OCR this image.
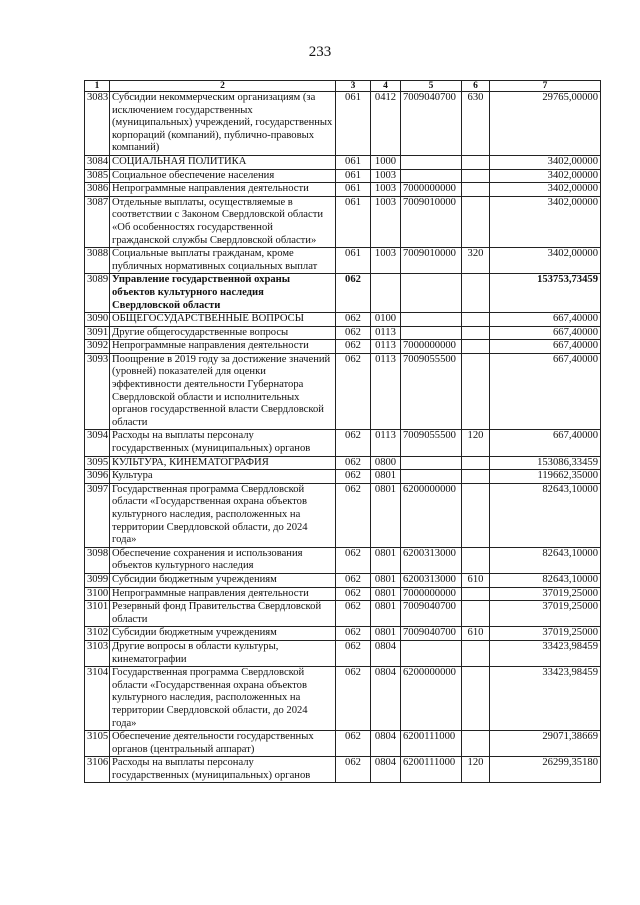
233
1	2	3	4	5	6	7
3083	Субсидии некоммерческим организациям (за исключением государственных (муниципальных) учреждений, государственных корпораций (компаний), публично-правовых компаний)	061	0412	7009040700	630	29765,00000
3084	СОЦИАЛЬНАЯ ПОЛИТИКА	061	1000			3402,00000
3085	Социальное обеспечение населения	061	1003			3402,00000
3086	Непрограммные направления деятельности	061	1003	7000000000		3402,00000
3087	Отдельные выплаты, осуществляемые в соответствии с Законом Свердловской области «Об особенностях государственной гражданской службы Свердловской области»	061	1003	7009010000		3402,00000
3088	Социальные выплаты гражданам, кроме публичных нормативных социальных выплат	061	1003	7009010000	320	3402,00000
3089	Управление государственной охраны объектов культурного наследия Свердловской области	062				153753,73459
3090	ОБЩЕГОСУДАРСТВЕННЫЕ ВОПРОСЫ	062	0100			667,40000
3091	Другие общегосударственные вопросы	062	0113			667,40000
3092	Непрограммные направления деятельности	062	0113	7000000000		667,40000
3093	Поощрение в 2019 году за достижение значений (уровней) показателей для оценки эффективности деятельности Губернатора Свердловской области и исполнительных органов государственной власти Свердловской области	062	0113	7009055500		667,40000
3094	Расходы на выплаты персоналу государственных (муниципальных) органов	062	0113	7009055500	120	667,40000
3095	КУЛЬТУРА, КИНЕМАТОГРАФИЯ	062	0800			153086,33459
3096	Культура	062	0801			119662,35000
3097	Государственная программа Свердловской области «Государственная охрана объектов культурного наследия, расположенных на территории Свердловской области, до 2024 года»	062	0801	6200000000		82643,10000
3098	Обеспечение сохранения и использования объектов культурного наследия	062	0801	6200313000		82643,10000
3099	Субсидии бюджетным учреждениям	062	0801	6200313000	610	82643,10000
3100	Непрограммные направления деятельности	062	0801	7000000000		37019,25000
3101	Резервный фонд Правительства Свердловской области	062	0801	7009040700		37019,25000
3102	Субсидии бюджетным учреждениям	062	0801	7009040700	610	37019,25000
3103	Другие вопросы в области культуры, кинематографии	062	0804			33423,98459
3104	Государственная программа Свердловской области «Государственная охрана объектов культурного наследия, расположенных на территории Свердловской области, до 2024 года»	062	0804	6200000000		33423,98459
3105	Обеспечение деятельности государственных органов (центральный аппарат)	062	0804	6200111000		29071,38669
3106	Расходы на выплаты персоналу государственных (муниципальных) органов	062	0804	6200111000	120	26299,35180
